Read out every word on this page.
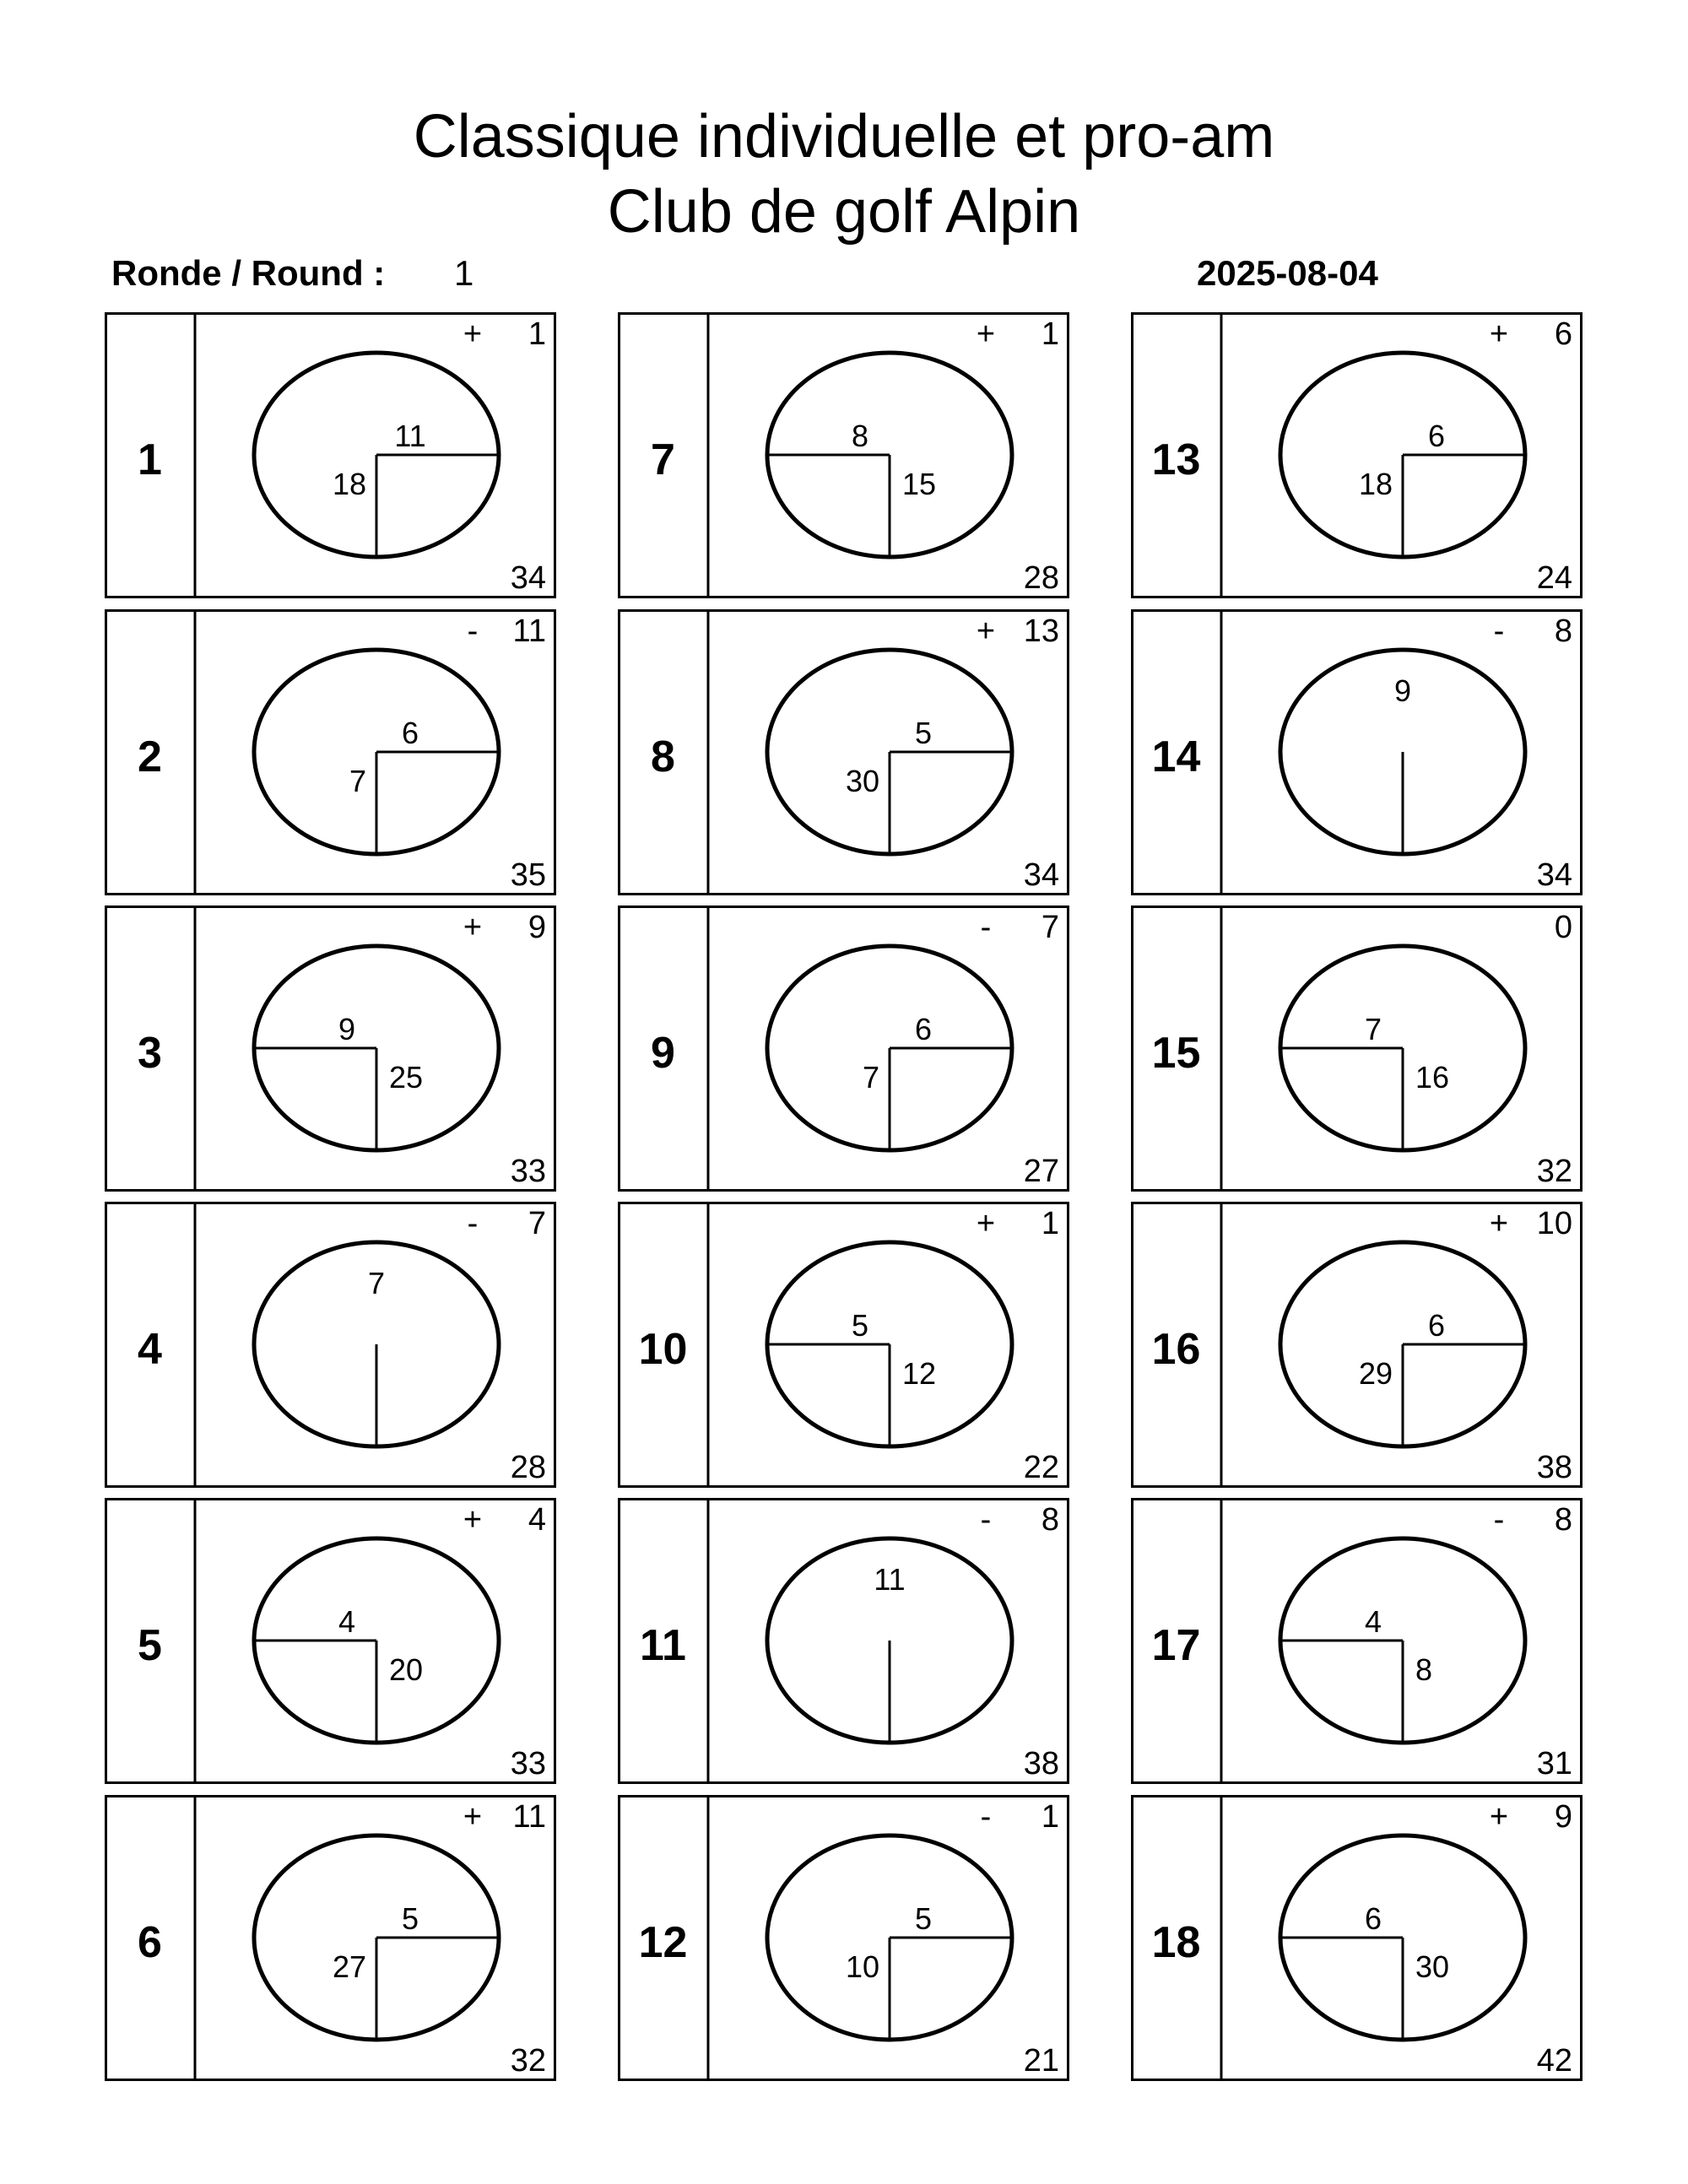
Classique individuelle et pro-am
Club de golf Alpin
Ronde / Round : 1	2025-08-04
1
+ 1
34
11
18
2
- 11
35
6
7
3
+ 9
33
9
25
4
- 7
28
7
5
+ 4
33
4
20
6
+ 11
32
5
27
7
+ 1
28
8
15
8
+ 13
34
5
30
9
- 7
27
6
7
10
+ 1
22
5
12
11
- 8
38
11
12
- 1
21
5
10
13
+ 6
24
6
18
14
- 8
34
9
15
0
32
7
16
16
+ 10
38
6
29
17
- 8
31
4
8
18
+ 9
42
6
30
